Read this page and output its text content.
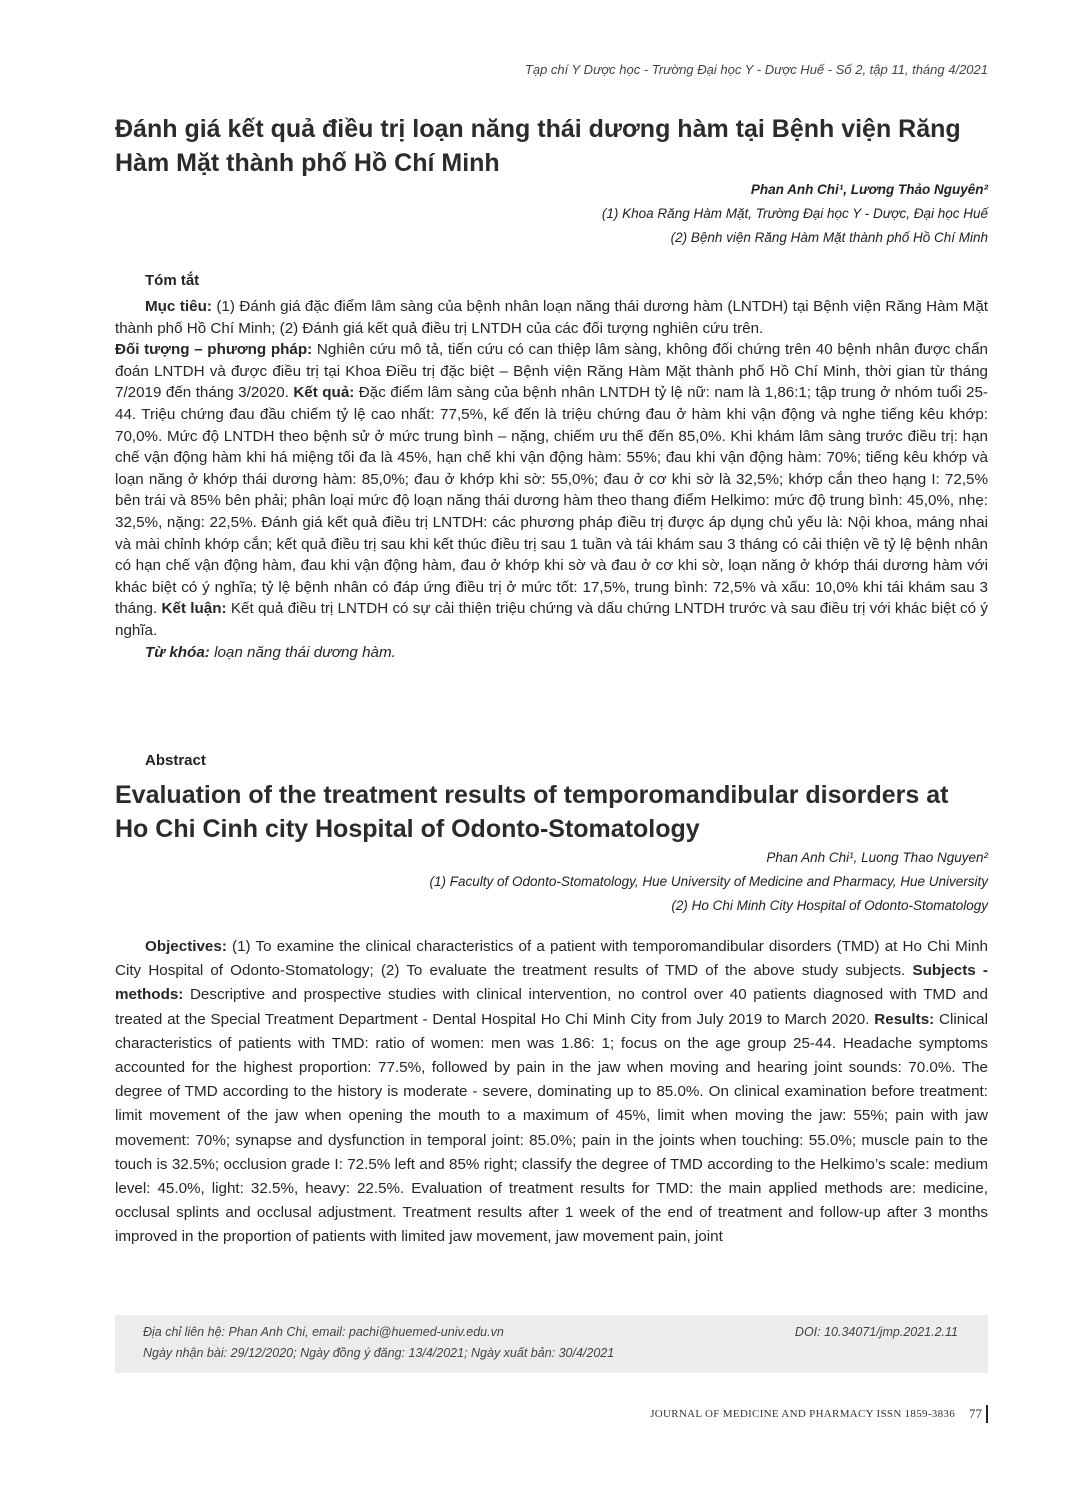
Tạp chí Y Dược học - Trường Đại học Y - Dược Huế - Số 2, tập 11, tháng 4/2021
Đánh giá kết quả điều trị loạn năng thái dương hàm tại Bệnh viện Răng Hàm Mặt thành phố Hồ Chí Minh
Phan Anh Chi¹, Lương Thảo Nguyên²
(1) Khoa Răng Hàm Mặt, Trường Đại học Y - Dược, Đại học Huế
(2) Bệnh viện Răng Hàm Mặt thành phố Hồ Chí Minh
Tóm tắt

Mục tiêu: (1) Đánh giá đặc điểm lâm sàng của bệnh nhân loạn năng thái dương hàm (LNTDH) tại Bệnh viện Răng Hàm Mặt thành phố Hồ Chí Minh; (2) Đánh giá kết quả điều trị LNTDH của các đối tượng nghiên cứu trên.

Đối tượng – phương pháp: Nghiên cứu mô tả, tiến cứu có can thiệp lâm sàng, không đối chứng trên 40 bệnh nhân được chẩn đoán LNTDH và được điều trị tại Khoa Điều trị đặc biệt – Bệnh viện Răng Hàm Mặt thành phố Hồ Chí Minh, thời gian từ tháng 7/2019 đến tháng 3/2020. Kết quả: Đặc điểm lâm sàng của bệnh nhân LNTDH tỷ lệ nữ: nam là 1,86:1; tập trung ở nhóm tuổi 25-44. Triệu chứng đau đầu chiếm tỷ lệ cao nhất: 77,5%, kế đến là triệu chứng đau ở hàm khi vận động và nghe tiếng kêu khớp: 70,0%. Mức độ LNTDH theo bệnh sử ở mức trung bình – nặng, chiếm ưu thế đến 85,0%. Khi khám lâm sàng trước điều trị: hạn chế vận động hàm khi há miệng tối đa là 45%, hạn chế khi vận động hàm: 55%; đau khi vận động hàm: 70%; tiếng kêu khớp và loạn năng ở khớp thái dương hàm: 85,0%; đau ở khớp khi sờ: 55,0%; đau ở cơ khi sờ là 32,5%; khớp cắn theo hạng I: 72,5% bên trái và 85% bên phải; phân loại mức độ loạn năng thái dương hàm theo thang điểm Helkimo: mức độ trung bình: 45,0%, nhẹ: 32,5%, nặng: 22,5%. Đánh giá kết quả điều trị LNTDH: các phương pháp điều trị được áp dụng chủ yếu là: Nội khoa, máng nhai và mài chỉnh khớp cắn; kết quả điều trị sau khi kết thúc điều trị sau 1 tuần và tái khám sau 3 tháng có cải thiện về tỷ lệ bệnh nhân có hạn chế vận động hàm, đau khi vận động hàm, đau ở khớp khi sờ và đau ở cơ khi sờ, loạn năng ở khớp thái dương hàm với khác biệt có ý nghĩa; tỷ lệ bệnh nhân có đáp ứng điều trị ở mức tốt: 17,5%, trung bình: 72,5% và xấu: 10,0% khi tái khám sau 3 tháng. Kết luận: Kết quả điều trị LNTDH có sự cải thiện triệu chứng và dấu chứng LNTDH trước và sau điều trị với khác biệt có ý nghĩa.

Từ khóa: loạn năng thái dương hàm.

Abstract
Evaluation of the treatment results of temporomandibular disorders at Ho Chi Cinh city Hospital of Odonto-Stomatology
Phan Anh Chi¹, Luong Thao Nguyen²
(1) Faculty of Odonto-Stomatology, Hue University of Medicine and Pharmacy, Hue University
(2) Ho Chi Minh City Hospital of Odonto-Stomatology

Objectives: (1) To examine the clinical characteristics of a patient with temporomandibular disorders (TMD) at Ho Chi Minh City Hospital of Odonto-Stomatology; (2) To evaluate the treatment results of TMD of the above study subjects. Subjects - methods: Descriptive and prospective studies with clinical intervention, no control over 40 patients diagnosed with TMD and treated at the Special Treatment Department - Dental Hospital Ho Chi Minh City from July 2019 to March 2020. Results: Clinical characteristics of patients with TMD: ratio of women: men was 1.86: 1; focus on the age group 25-44. Headache symptoms accounted for the highest proportion: 77.5%, followed by pain in the jaw when moving and hearing joint sounds: 70.0%. The degree of TMD according to the history is moderate - severe, dominating up to 85.0%. On clinical examination before treatment: limit movement of the jaw when opening the mouth to a maximum of 45%, limit when moving the jaw: 55%; pain with jaw movement: 70%; synapse and dysfunction in temporal joint: 85.0%; pain in the joints when touching: 55.0%; muscle pain to the touch is 32.5%; occlusion grade I: 72.5% left and 85% right; classify the degree of TMD according to the Helkimo’s scale: medium level: 45.0%, light: 32.5%, heavy: 22.5%. Evaluation of treatment results for TMD: the main applied methods are: medicine, occlusal splints and occlusal adjustment. Treatment results after 1 week of the end of treatment and follow-up after 3 months improved in the proportion of patients with limited jaw movement, jaw movement pain, joint

Địa chỉ liên hệ: Phan Anh Chi, email: pachi@huemed-univ.edu.vn	DOI: 10.34071/jmp.2021.2.11
Ngày nhận bài: 29/12/2020; Ngày đồng ý đăng: 13/4/2021; Ngày xuất bản: 30/4/2021
JOURNAL OF MEDICINE AND PHARMACY ISSN 1859-3836 77
